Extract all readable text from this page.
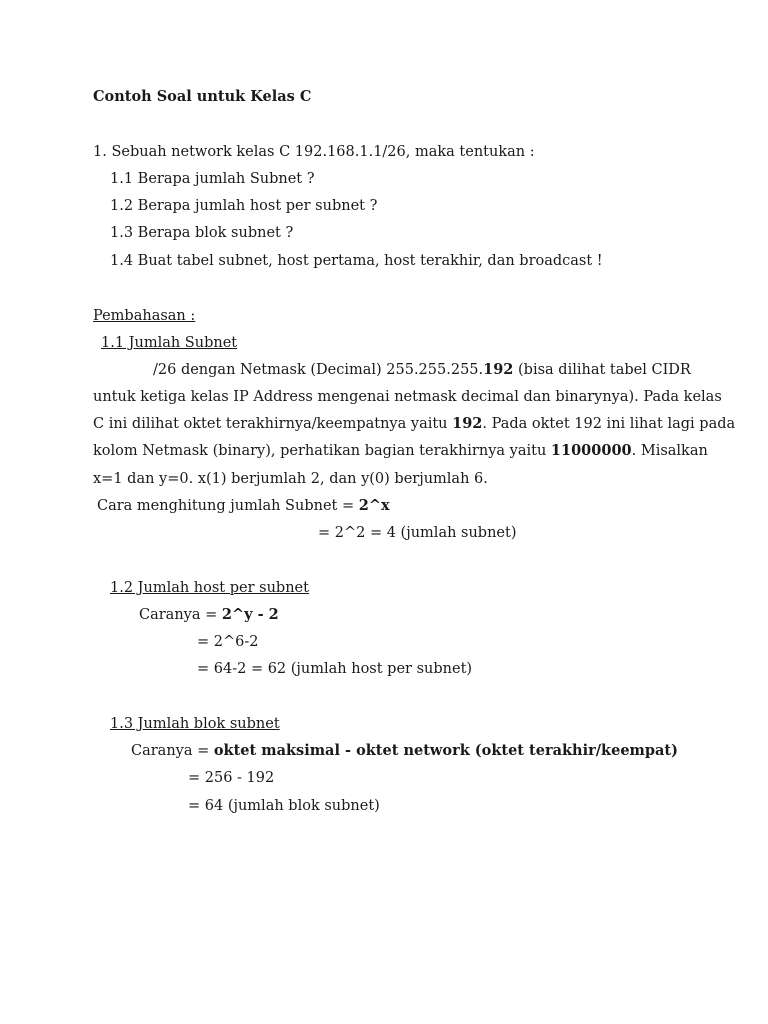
Contoh Soal untuk Kelas C
1. Sebuah network kelas C 192.168.1.1/26, maka tentukan :
1.1 Berapa jumlah Subnet ?
1.2 Berapa jumlah host per subnet ?
1.3 Berapa blok subnet ?
1.4 Buat tabel subnet, host pertama, host terakhir, dan broadcast !
Pembahasan :
1.1 Jumlah Subnet
/26 dengan Netmask (Decimal) 255.255.255.192 (bisa dilihat tabel CIDR
untuk ketiga kelas IP Address mengenai netmask decimal dan binarynya). Pada kelas
C ini dilihat oktet terakhirnya/keempatnya yaitu 192. Pada oktet 192 ini lihat lagi pada
kolom Netmask (binary), perhatikan bagian terakhirnya yaitu 11000000. Misalkan
x=1 dan y=0. x(1) berjumlah 2, dan y(0) berjumlah 6.
Cara menghitung jumlah Subnet = 2^x
= 2^2 = 4 (jumlah subnet)
1.2 Jumlah host per subnet
Caranya = 2^y - 2
= 2^6-2
= 64-2 = 62 (jumlah host per subnet)
1.3 Jumlah blok subnet
Caranya = oktet maksimal - oktet network (oktet terakhir/keempat)
= 256 - 192
= 64 (jumlah blok subnet)
